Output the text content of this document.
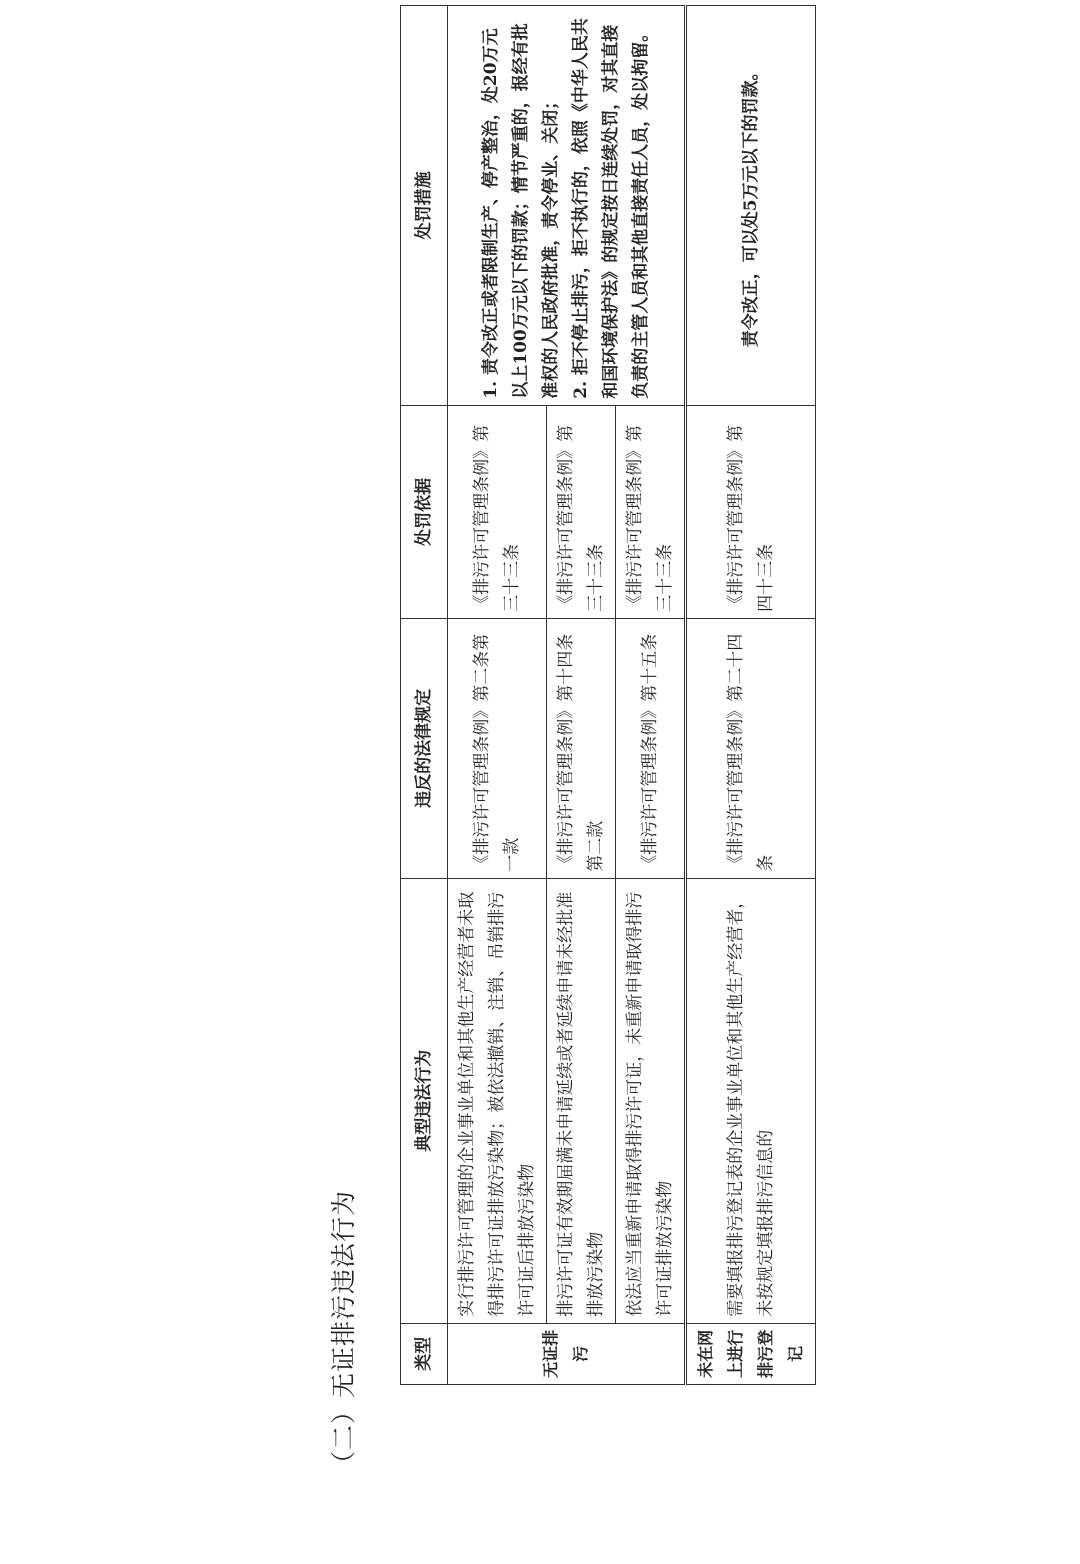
（二）无证排污违法行为	类型	典型违法行为	违反的法律规定	处罚依据	处罚措施
无证排污	实行排污许可管理的企业事业单位和其他生产经营者未取得排污许可证排放污染物；被依法撤销、注销、吊销排污许可证后排放污染物	《排污许可管理条例》第二条第一款	《排污许可管理条例》第三十三条	1. 责令改正或者限制生产、停产整治，处20万元以上100万元以下的罚款；情节严重的，报经有批准权的人民政府批准，责令停业、关闭；
2. 拒不停止排污，拒不执行的，依照《中华人民共和国环境保护法》的规定按日连续处罚，对其直接负责的主管人员和其他直接责任人员，处以拘留。

	排污许可证有效期届满未申请延续或者延续申请未经批准排放污染物	《排污许可管理条例》第十四条第二款	《排污许可管理条例》第三十三条	
	依法应当重新申请取得排污许可证，未重新申请取得排污许可证排放污染物	《排污许可管理条例》第十五条	《排污许可管理条例》第三十三条	
未在网上进行排污登记	需要填报排污登记表的企业事业单位和其他生产经营者，未按规定填报排污信息的	《排污许可管理条例》第二十四条	《排污许可管理条例》第四十三条	责令改正，可以处5万元以下的罚款。
